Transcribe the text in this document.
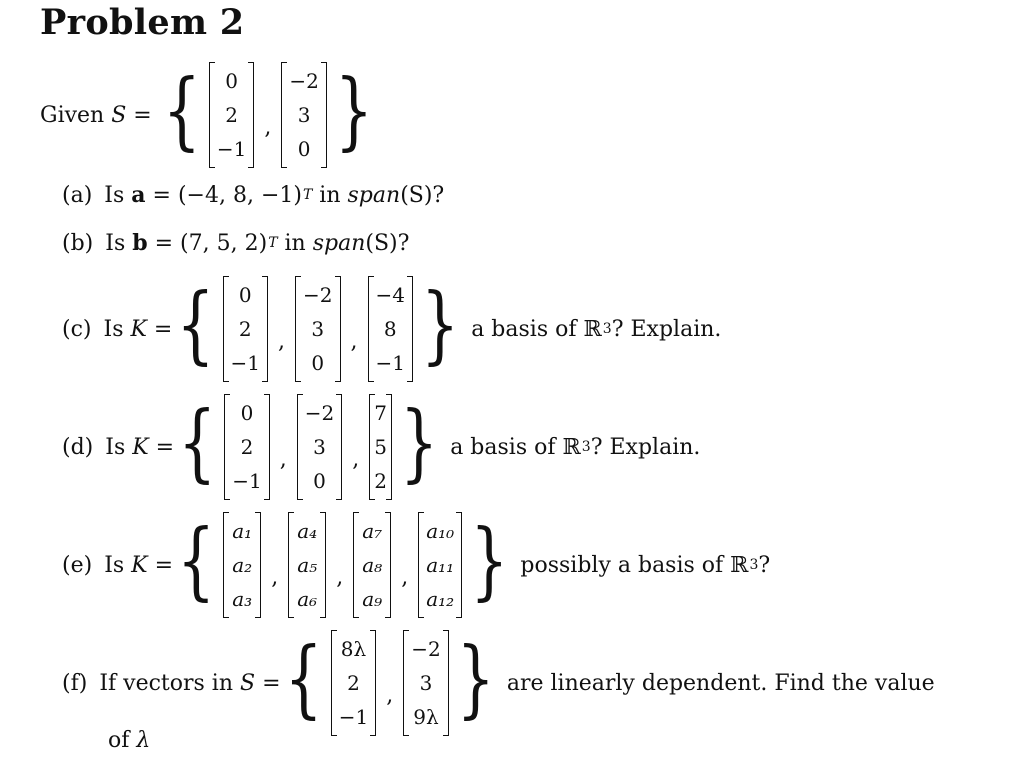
Problem 2
Given S = { 0
2
−1
,
−2
3
0 }
(a) Is a = (−4, 8, −1) T in span (S)?
(b) Is b = (7, 5, 2) T in span (S)?
(c) Is K = { 0
2
−1
,
−2
3
0
,
−4
8
−1 } a basis of ℝ 3 ? Explain.
(d) Is K = { 0
2
−1
,
−2
3
0
,
7
5
2 } a basis of ℝ 3 ? Explain.
(e) Is K = { a₁
a₂
a₃
,
a₄
a₅
a₆
,
a₇
a₈
a₉
,
a₁₀
a₁₁
a₁₂ } possibly a basis of ℝ 3 ?
(f) If vectors in S = { 8λ
2
−1
,
−2
3
9λ } are linearly dependent. Find the value
of λ
